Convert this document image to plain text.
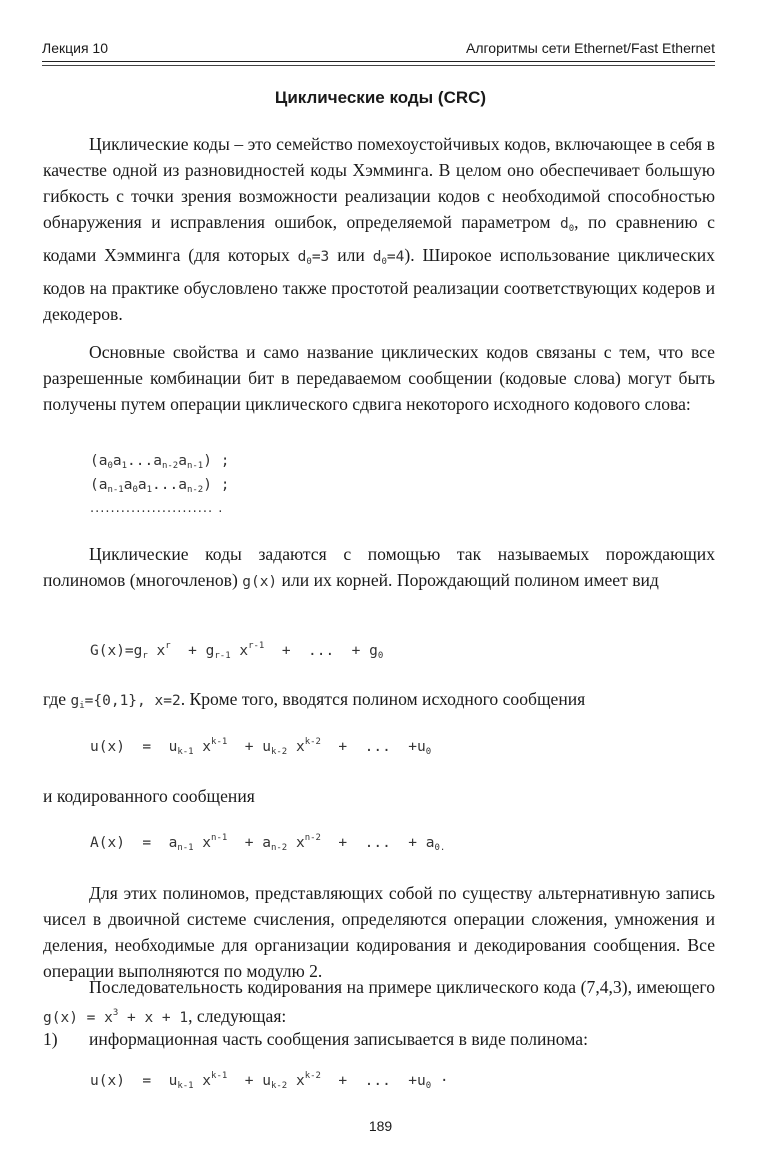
Лекция 10	Алгоритмы сети Ethernet/Fast Ethernet
Циклические коды (CRC)

Циклические коды – это семейство помехоустойчивых кодов, включающее в себя в качестве одной из разновидностей коды Хэмминга. В целом оно обеспечивает большую гибкость с точки зрения возможности реализации кодов с необходимой способностью обнаружения и исправления ошибок, определяемой параметром $d_0$, по сравнению с кодами Хэмминга (для которых $d_0=3$ или $d_0=4$). Широкое использование циклических кодов на практике обусловлено также простотой реализации соответствующих кодеров и декодеров.

Основные свойства и само название циклических кодов связаны с тем, что все разрешенные комбинации бит в передаваемом сообщении (кодовые слова) могут быть получены путем операции циклического сдвига некоторого исходного кодового слова:

$(a_0a_1...a_{n-2}a_{n-1})$ ;
$(a_{n-1}a_0a_1...a_{n-2})$ ;
........................ .

Циклические коды задаются с помощью так называемых порождающих полиномов (многочленов) g(x) или их корней. Порождающий полином имеет вид

$G(x)=g_r$ $x^r + g_{r-1}$ $x^{r-1}$  +  ...  + $g_0$

где $g_i=\{0,1\}$, x=2. Кроме того, вводятся полином исходного сообщения

$u(x) = u_{k-1}$ $x^{k-1} + u_{k-2}$ $x^{k-2}$  +  ...  $+u_0$

и кодированного сообщения

$A(x) = a_{n-1}$ $x^{n-1} + a_{n-2}$ $x^{n-2}$  +  ...  + $a_{0.}$

Для этих полиномов, представляющих собой по существу альтернативную запись чисел в двоичной системе счисления, определяются операции сложения, умножения и деления, необходимые для организации кодирования и декодирования сообщения. Все операции выполняются по модулю 2.

Последовательность кодирования на примере циклического кода (7,4,3), имеющего $g(x) = x^3 + x + 1$, следующая:

1) информационная часть сообщения записывается в виде полинома:
$u(x) = u_{k-1}$ $x^{k-1} + u_{k-2}$ $x^{k-2}$  +  ...  $+u_0$ ·
189
